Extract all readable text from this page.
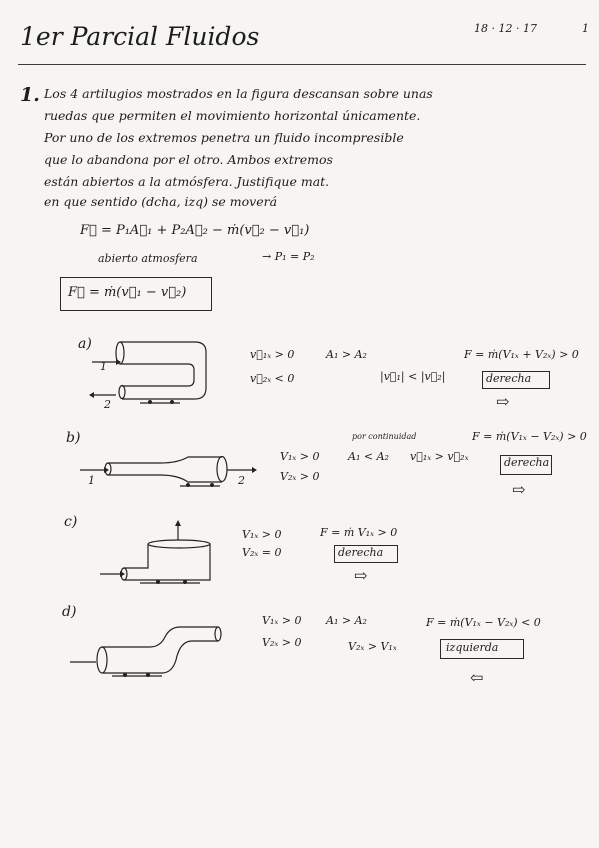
1er Parcial Fluidos	18 · 12 · 17	1
1. Los 4 artilugios mostrados en la figura descansan sobre unas
ruedas que permiten el movimiento horizontal únicamente.
Por uno de los extremos penetra un fluido incompresible
que lo abandona por el otro. Ambos extremos
están abiertos a la atmósfera. Justifique mat.
en que sentido (dcha, izq) se moverá
F⃗ = P₁A⃗₁ + P₂A⃗₂ − ṁ(v⃗₂ − v⃗₁)
abierto atmosfera	→ P₁ = P₂
F⃗ = ṁ(v⃗₁ − v⃗₂)
a)
1
2
v⃗₁ₓ > 0
v⃗₂ₓ < 0
A₁ > A₂
|v⃗₁| < |v⃗₂|
F = ṁ(V₁ₓ + V₂ₓ) > 0
derecha
⇨
b)
1	2
por continuidad
V₁ₓ > 0
V₂ₓ > 0
A₁ < A₂ v⃗₁ₓ > v⃗₂ₓ
F = ṁ(V₁ₓ − V₂ₓ) > 0
derecha
⇨
c)
V₁ₓ > 0
V₂ₓ = 0
F = ṁ V₁ₓ > 0
derecha
⇨
d)
V₁ₓ > 0
V₂ₓ > 0
A₁ > A₂
V₂ₓ > V₁ₓ
F = ṁ(V₁ₓ − V₂ₓ) < 0
izquierda
⇦
